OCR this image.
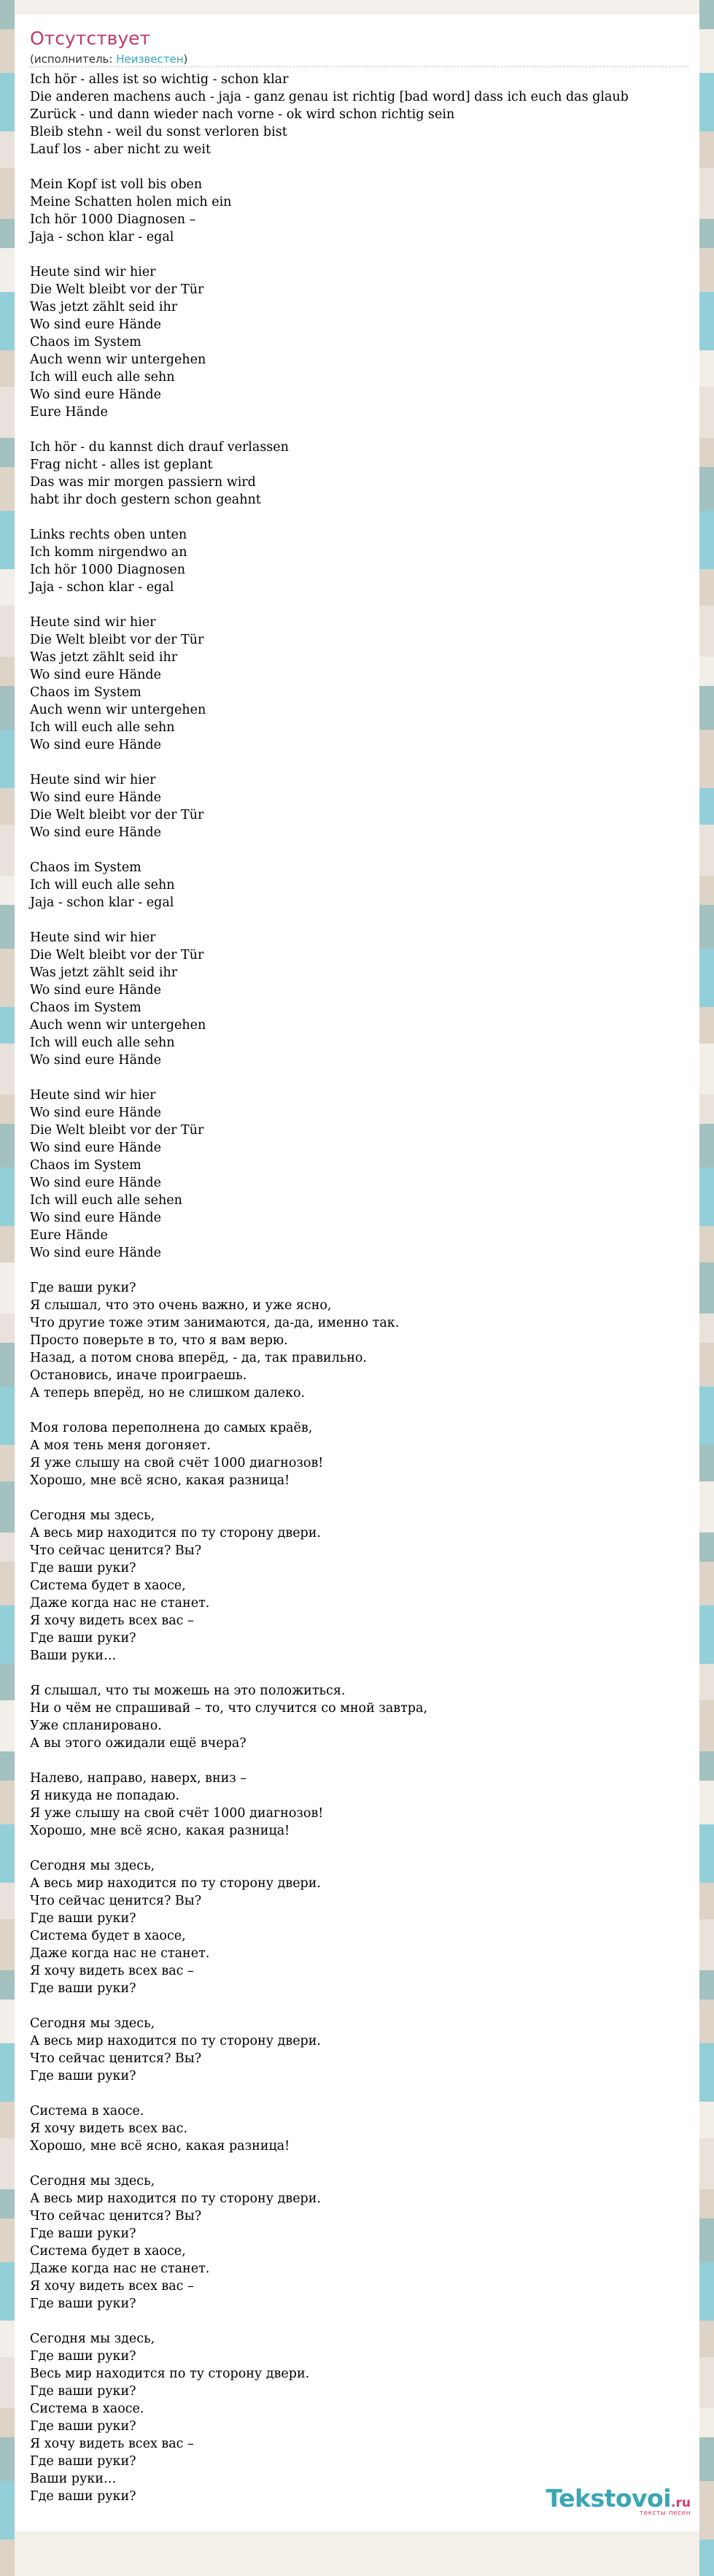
Отсутствует
(исполнитель: Неизвестен)
Ich hör - alles ist so wichtig - schon klar
Die anderen machens auch - jaja - ganz genau ist richtig [bad word] dass ich euch das glaub
Zurück - und dann wieder nach vorne - ok wird schon richtig sein
Bleib stehn - weil du sonst verloren bist
Lauf los - aber nicht zu weit
Mein Kopf ist voll bis oben
Meine Schatten holen mich ein
Ich hör 1000 Diagnosen –
Jaja - schon klar - egal
Heute sind wir hier
Die Welt bleibt vor der Tür
Was jetzt zählt seid ihr
Wo sind eure Hände
Chaos im System
Auch wenn wir untergehen
Ich will euch alle sehn
Wo sind eure Hände
Eure Hände
Ich hör - du kannst dich drauf verlassen
Frag nicht - alles ist geplant
Das was mir morgen passiern wird
habt ihr doch gestern schon geahnt
Links rechts oben unten
Ich komm nirgendwo an
Ich hör 1000 Diagnosen
Jaja - schon klar - egal
Heute sind wir hier
Die Welt bleibt vor der Tür
Was jetzt zählt seid ihr
Wo sind eure Hände
Chaos im System
Auch wenn wir untergehen
Ich will euch alle sehn
Wo sind eure Hände
Heute sind wir hier
Wo sind eure Hände
Die Welt bleibt vor der Tür
Wo sind eure Hände
Chaos im System
Ich will euch alle sehn
Jaja - schon klar - egal
Heute sind wir hier
Die Welt bleibt vor der Tür
Was jetzt zählt seid ihr
Wo sind eure Hände
Chaos im System
Auch wenn wir untergehen
Ich will euch alle sehn
Wo sind eure Hände
Heute sind wir hier
Wo sind eure Hände
Die Welt bleibt vor der Tür
Wo sind eure Hände
Chaos im System
Wo sind eure Hände
Ich will euch alle sehen
Wo sind eure Hände
Eure Hände
Wo sind eure Hände
Где ваши руки?
Я слышал, что это очень важно, и уже ясно,
Что другие тоже этим занимаются, да-да, именно так.
Просто поверьте в то, что я вам верю.
Назад, а потом снова вперёд, - да, так правильно.
Остановись, иначе проиграешь.
А теперь вперёд, но не слишком далеко.
Моя голова переполнена до самых краёв,
А моя тень меня догоняет.
Я уже слышу на свой счёт 1000 диагнозов!
Хорошо, мне всё ясно, какая разница!
Сегодня мы здесь,
А весь мир находится по ту сторону двери.
Что сейчас ценится? Вы?
Где ваши руки?
Система будет в хаосе,
Даже когда нас не станет.
Я хочу видеть всех вас –
Где ваши руки?
Ваши руки…
Я слышал, что ты можешь на это положиться.
Ни о чём не спрашивай – то, что случится со мной завтра,
Уже спланировано.
А вы этого ожидали ещё вчера?
Налево, направо, наверх, вниз –
Я никуда не попадаю.
Я уже слышу на свой счёт 1000 диагнозов!
Хорошо, мне всё ясно, какая разница!
Сегодня мы здесь,
А весь мир находится по ту сторону двери.
Что сейчас ценится? Вы?
Где ваши руки?
Система будет в хаосе,
Даже когда нас не станет.
Я хочу видеть всех вас –
Где ваши руки?
Сегодня мы здесь,
А весь мир находится по ту сторону двери.
Что сейчас ценится? Вы?
Где ваши руки?
Система в хаосе.
Я хочу видеть всех вас.
Хорошо, мне всё ясно, какая разница!
Сегодня мы здесь,
А весь мир находится по ту сторону двери.
Что сейчас ценится? Вы?
Где ваши руки?
Система будет в хаосе,
Даже когда нас не станет.
Я хочу видеть всех вас –
Где ваши руки?
Сегодня мы здесь,
Где ваши руки?
Весь мир находится по ту сторону двери.
Где ваши руки?
Система в хаосе.
Где ваши руки?
Я хочу видеть всех вас –
Где ваши руки?
Ваши руки…
Где ваши руки?	Tekstovoi.ru
тексты песен
